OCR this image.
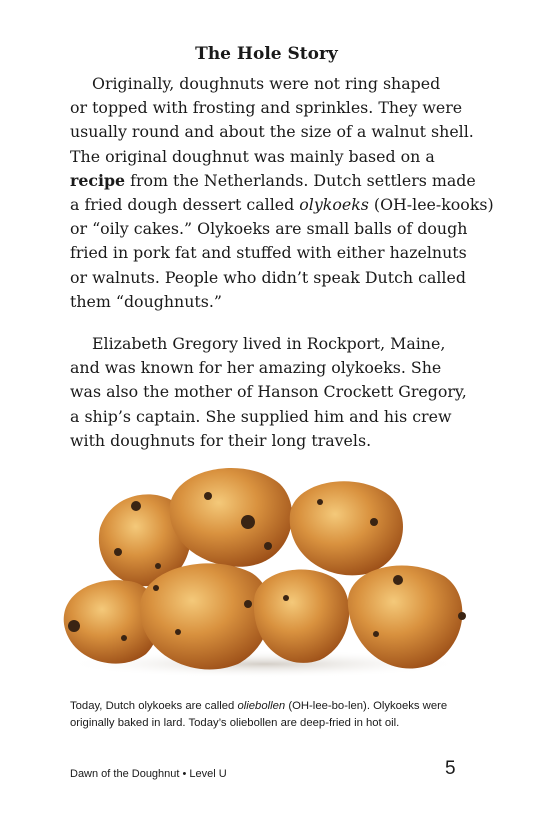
The Hole Story

Originally, doughnuts were not ring shaped
or topped with frosting and sprinkles. They were
usually round and about the size of a walnut shell.
The original doughnut was mainly based on a
recipe from the Netherlands. Dutch settlers made
a fried dough dessert called olykoeks (OH-lee-kooks)
or “oily cakes.” Olykoeks are small balls of dough
fried in pork fat and stuffed with either hazelnuts
or walnuts. People who didn’t speak Dutch called
them “doughnuts.”

Elizabeth Gregory lived in Rockport, Maine,
and was known for her amazing olykoeks. She
was also the mother of Hanson Crockett Gregory,
a ship’s captain. She supplied him and his crew
with doughnuts for their long travels.

Today, Dutch olykoeks are called oliebollen (OH-lee-bo-len). Olykoeks were
originally baked in lard. Today’s oliebollen are deep-fried in hot oil.

Dawn of the Doughnut • Level U	5
